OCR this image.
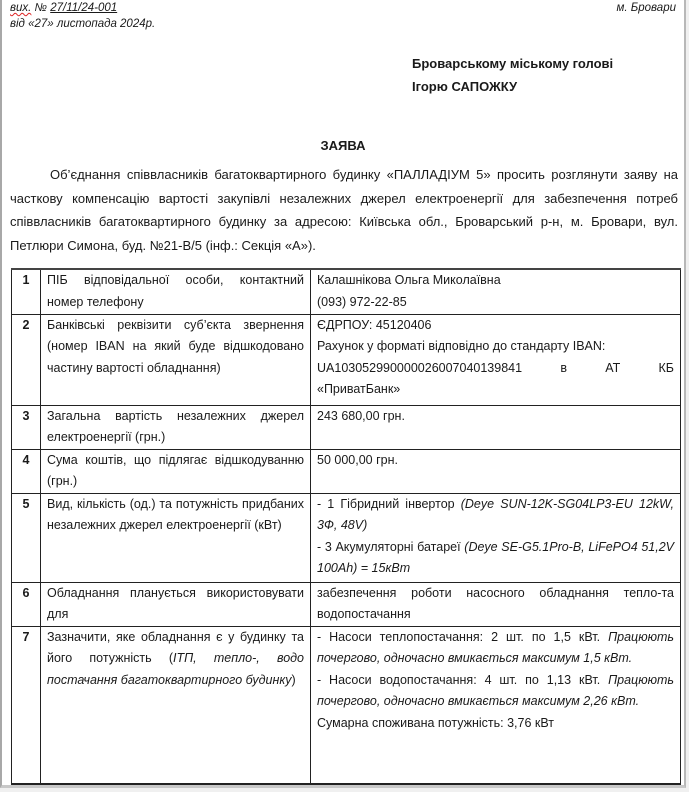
вих. № 27/11/24-001
від «27» листопада 2024р.
м. Бровари
Броварському міському голові
Ігорю САПОЖКУ
ЗАЯВА
Об’єднання співвласників багатоквартирного будинку «ПАЛЛАДІУМ 5» просить розглянути заяву на часткову компенсацію вартості закупівлі незалежних джерел електроенергії для забезпечення потреб співвласників багатоквартирного будинку за адресою: Київська обл., Броварський р-н, м. Бровари, вул. Петлюри Симона, буд. №21-В/5 (інф.: Секція «А»).
1	ПІБ відповідальної особи, контактний номер телефону	Калашнікова Ольга Миколаївна
(093) 972-22-85

2	Банківські реквізити суб’єкта звернення (номер IBAN на який буде відшкодовано частину вартості обладнання)	ЄДРПОУ: 45120406
Рахунок у форматі відповідно до стандарту IBAN:
UA103052990000026007040139841 в АТ КБ
«ПриватБанк»

3	Загальна вартість незалежних джерел електроенергії (грн.)	243 680,00 грн.
4	Сума коштів, що підлягає відшкодуванню (грн.)	50 000,00 грн.
5	Вид, кількість (од.) та потужність придбаних незалежних джерел електроенергії (кВт)	- 1 Гібридний інвертор (Deye SUN-12K-SG04LP3-EU 12kW, 3Ф, 48V)
- 3 Акумуляторні батареї (Deye SE-G5.1Pro-B, LiFePO4 51,2V 100Ah) = 15кВт

6	Обладнання планується використовувати для	забезпечення роботи насосного обладнання тепло-та водопостачання
7	Зазначити, яке обладнання є у будинку та його потужність (ІТП, тепло-, водо постачання багатоквартирного будинку)	- Насоси теплопостачання: 2 шт. по 1,5 кВт. Працюють почергово, одночасно вмикається максимум 1,5 кВт.
- Насоси водопостачання: 4 шт. по 1,13 кВт. Працюють почергово, одночасно вмикається максимум 2,26 кВт.
Сумарна споживана потужність: 3,76 кВт
